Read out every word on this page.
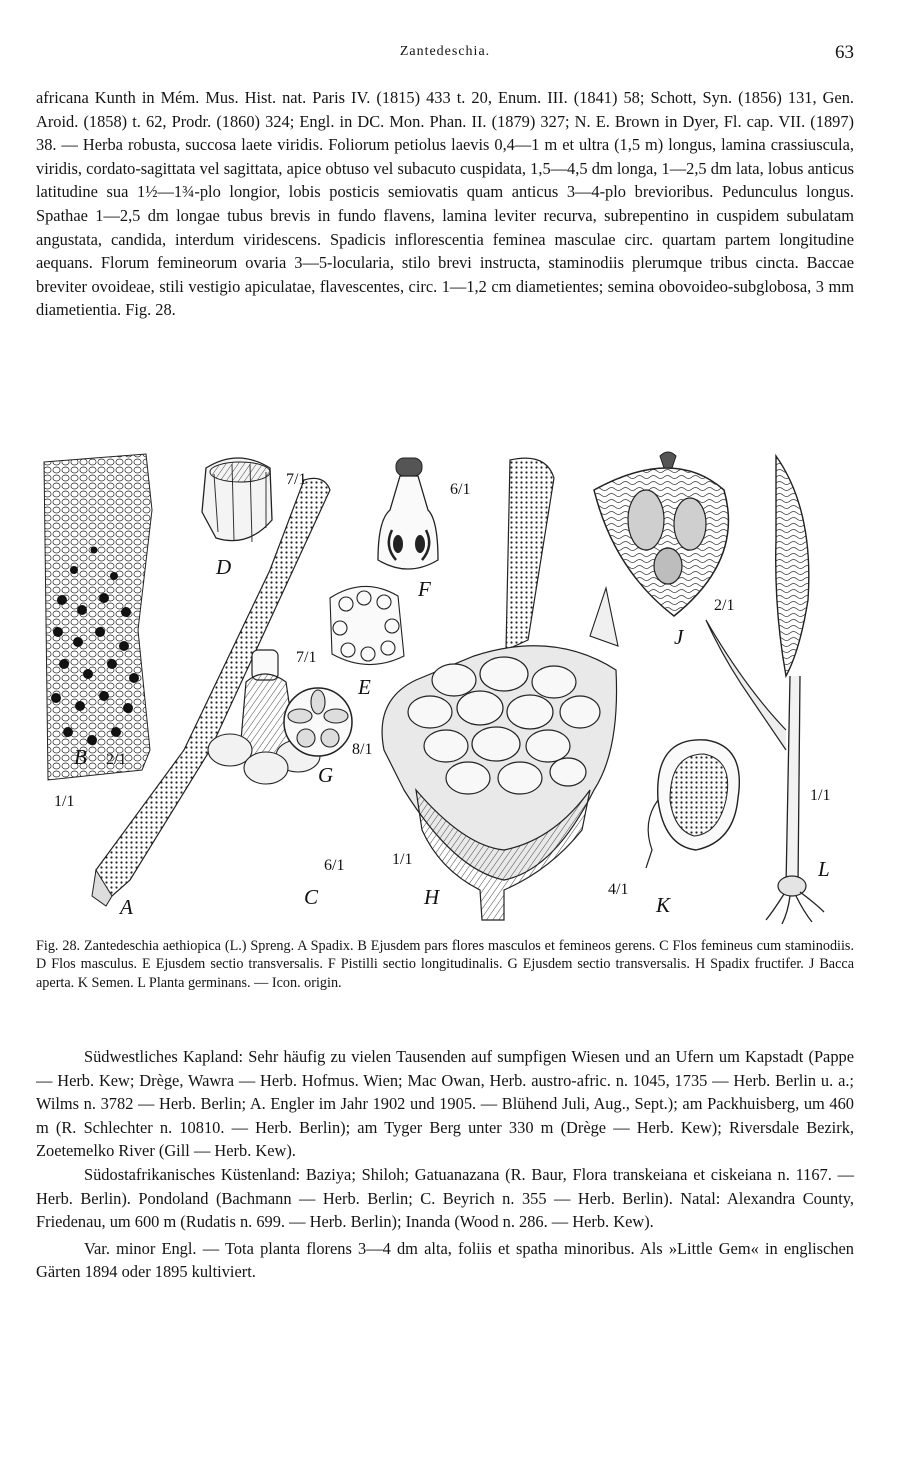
Zantedeschia.	63
africana Kunth in Mém. Mus. Hist. nat. Paris IV. (1815) 433 t. 20, Enum. III. (1841) 58; Schott, Syn. (1856) 131, Gen. Aroid. (1858) t. 62, Prodr. (1860) 324; Engl. in DC. Mon. Phan. II. (1879) 327; N. E. Brown in Dyer, Fl. cap. VII. (1897) 38. — Herba robusta, succosa laete viridis. Foliorum petiolus laevis 0,4—1 m et ultra (1,5 m) longus, lamina crassiuscula, viridis, cordato-sagittata vel sagittata, apice obtuso vel subacuto cuspidata, 1,5—4,5 dm longa, 1—2,5 dm lata, lobus anticus latitudine sua 1½—1¾-plo longior, lobis posticis semiovatis quam anticus 3—4-plo brevioribus. Pedunculus longus. Spathae 1—2,5 dm longae tubus brevis in fundo flavens, lamina leviter recurva, subrepentino in cuspidem subulatam angustata, candida, interdum viridescens. Spadicis inflorescentia feminea masculae circ. quartam partem longitudine aequans. Florum femineorum ovaria 3—5-locularia, stilo brevi instructa, staminodiis plerumque tribus cincta. Baccae breviter ovoideae, stili vestigio apiculatae, flavescentes, circ. 1—1,2 cm diametientes; semina obovoideo-subglobosa, 3 mm diametientia. Fig. 28.
A
B
C
D
E
F
G
H
J
K
L
1/1
2/1
6/1
7/1
7/1
6/1
8/1
1/1
2/1
4/1
1/1
Fig. 28. Zantedeschia aethiopica (L.) Spreng. A Spadix. B Ejusdem pars flores masculos et femineos gerens. C Flos femineus cum staminodiis. D Flos masculus. E Ejusdem sectio transversalis. F Pistilli sectio longitudinalis. G Ejusdem sectio transversalis. H Spadix fructifer. J Bacca aperta. K Semen. L Planta germinans. — Icon. origin.

Südwestliches Kapland: Sehr häufig zu vielen Tausenden auf sumpfigen Wiesen und an Ufern um Kapstadt (Pappe — Herb. Kew; Drège, Wawra — Herb. Hofmus. Wien; Mac Owan, Herb. austro-afric. n. 1045, 1735 — Herb. Berlin u. a.; Wilms n. 3782 — Herb. Berlin; A. Engler im Jahr 1902 und 1905. — Blühend Juli, Aug., Sept.); am Packhuisberg, um 460 m (R. Schlechter n. 10810. — Herb. Berlin); am Tyger Berg unter 330 m (Drège — Herb. Kew); Riversdale Bezirk, Zoetemelko River (Gill — Herb. Kew).

Südostafrikanisches Küstenland: Baziya; Shiloh; Gatuanazana (R. Baur, Flora transkeiana et ciskeiana n. 1167. — Herb. Berlin). Pondoland (Bachmann — Herb. Berlin; C. Beyrich n. 355 — Herb. Berlin). Natal: Alexandra County, Friedenau, um 600 m (Rudatis n. 699. — Herb. Berlin); Inanda (Wood n. 286. — Herb. Kew).

Var. minor Engl. — Tota planta florens 3—4 dm alta, foliis et spatha minoribus. Als »Little Gem« in englischen Gärten 1894 oder 1895 kultiviert.
